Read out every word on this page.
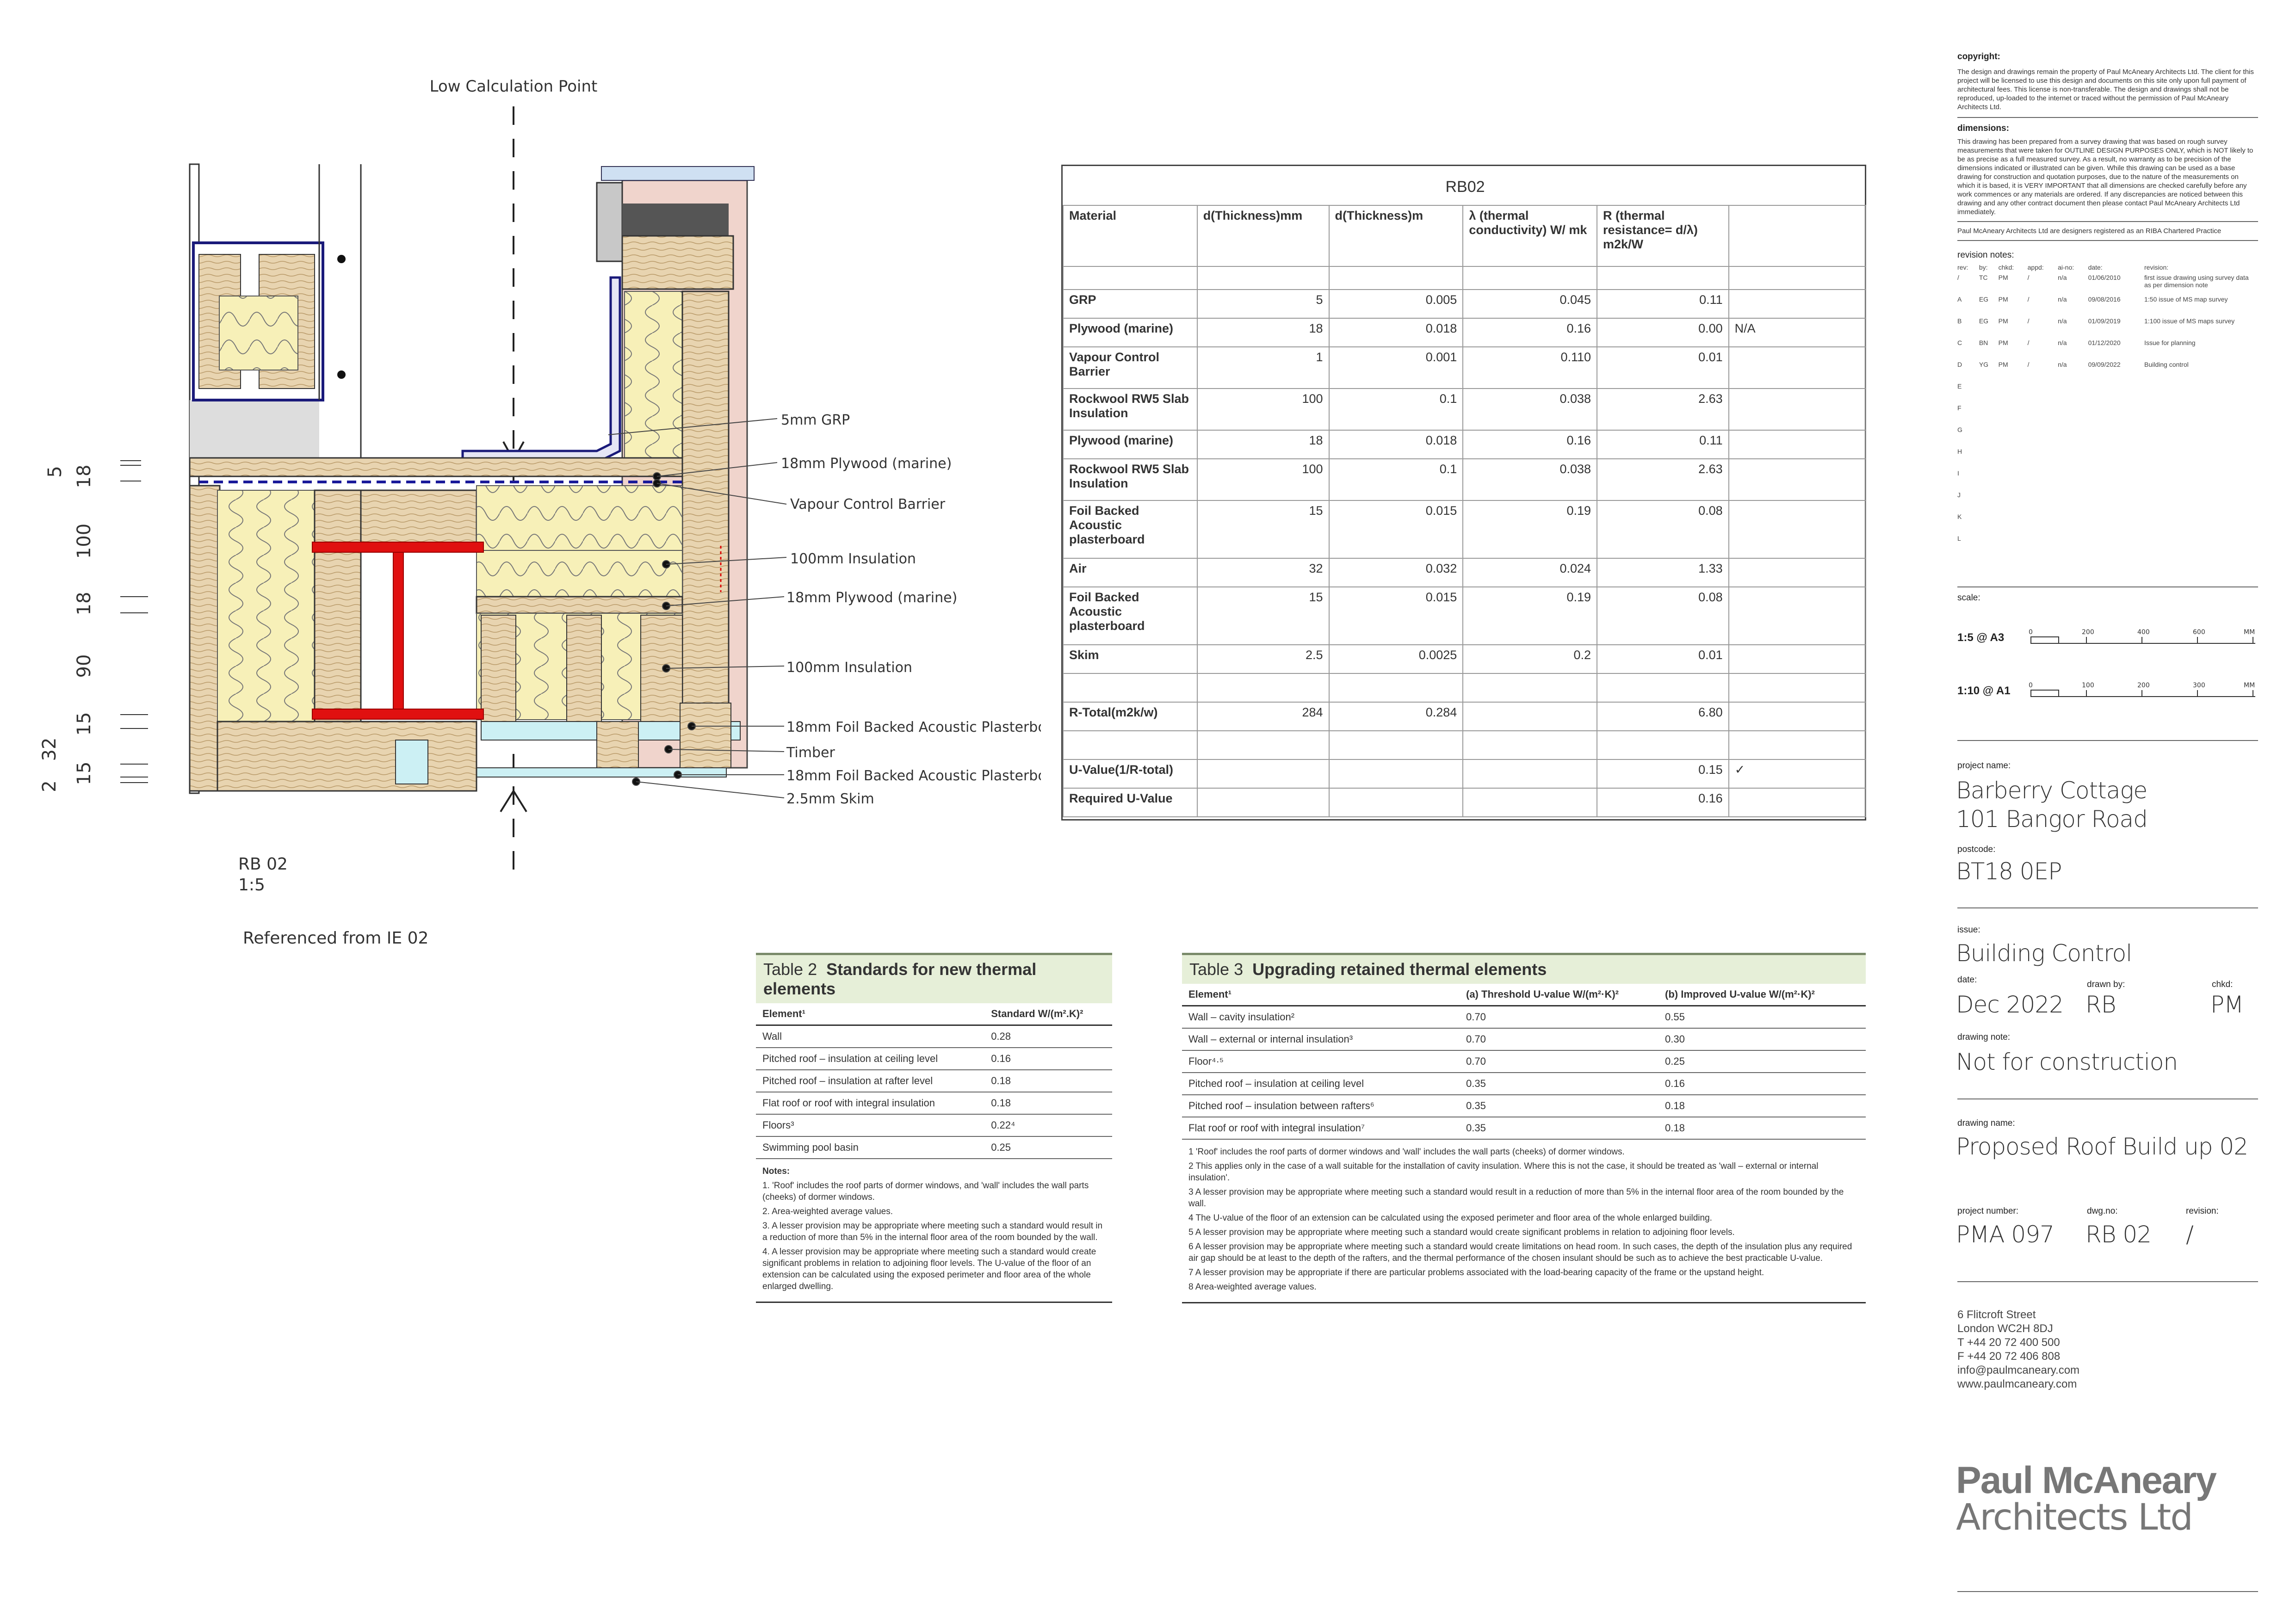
Low Calculation Point
5mm GRP
18mm Plywood (marine)
Vapour Control Barrier
100mm Insulation
18mm Plywood (marine)
100mm Insulation
18mm Foil Backed Acoustic Plasterboard
Timber
18mm Foil Backed Acoustic Plasterboard
2.5mm Skim
5 18
100
18
90
15
32
15
2
RB 02
1:5
Referenced from IE 02
RB02
Material	d(Thickness)mm	d(Thickness)m	λ (thermal conductivity) W/ mk	R (thermal resistance= d/λ) m2k/W	

GRP	5	0.005	0.045	0.11	
Plywood (marine)	18	0.018	0.16	0.00	N/A
Vapour Control Barrier	1	0.001	0.110	0.01	
Rockwool RW5 Slab Insulation	100	0.1	0.038	2.63	
Plywood (marine)	18	0.018	0.16	0.11	
Rockwool RW5 Slab Insulation	100	0.1	0.038	2.63	
Foil Backed Acoustic plasterboard	15	0.015	0.19	0.08	
Air	32	0.032	0.024	1.33	
Foil Backed Acoustic plasterboard	15	0.015	0.19	0.08	
Skim	2.5	0.0025	0.2	0.01	

R-Total(m2k/w)	284	0.284		6.80	

U-Value(1/R-total)				0.15	✓
Required U-Value				0.16	
Table 2 Standards for new thermal elements
Element¹	Standard W/(m².K)²
Wall	0.28
Pitched roof – insulation at ceiling level	0.16
Pitched roof – insulation at rafter level	0.18
Flat roof or roof with integral insulation	0.18
Floors³	0.22⁴
Swimming pool basin	0.25

Notes:

1. 'Roof' includes the roof parts of dormer windows, and 'wall' includes the wall parts (cheeks) of dormer windows.

2. Area-weighted average values.

3. A lesser provision may be appropriate where meeting such a standard would result in a reduction of more than 5% in the internal floor area of the room bounded by the wall.

4. A lesser provision may be appropriate where meeting such a standard would create significant problems in relation to adjoining floor levels. The U-value of the floor of an extension can be calculated using the exposed perimeter and floor area of the whole enlarged dwelling.

Table 3 Upgrading retained thermal elements
Element¹	(a) Threshold U-value W/(m²·K)²	(b) Improved U-value W/(m²·K)²
Wall – cavity insulation²	0.70	0.55
Wall – external or internal insulation³	0.70	0.30
Floor⁴·⁵	0.70	0.25
Pitched roof – insulation at ceiling level	0.35	0.16
Pitched roof – insulation between rafters⁶	0.35	0.18
Flat roof or roof with integral insulation⁷	0.35	0.18

1 'Roof' includes the roof parts of dormer windows and 'wall' includes the wall parts (cheeks) of dormer windows.

2 This applies only in the case of a wall suitable for the installation of cavity insulation. Where this is not the case, it should be treated as 'wall – external or internal insulation'.

3 A lesser provision may be appropriate where meeting such a standard would result in a reduction of more than 5% in the internal floor area of the room bounded by the wall.

4 The U-value of the floor of an extension can be calculated using the exposed perimeter and floor area of the whole enlarged building.

5 A lesser provision may be appropriate where meeting such a standard would create significant problems in relation to adjoining floor levels.

6 A lesser provision may be appropriate where meeting such a standard would create limitations on head room. In such cases, the depth of the insulation plus any required air gap should be at least to the depth of the rafters, and the thermal performance of the chosen insulant should be such as to achieve the best practicable U-value.

7 A lesser provision may be appropriate if there are particular problems associated with the load-bearing capacity of the frame or the upstand height.

8 Area-weighted average values.

copyright:
The design and drawings remain the property of Paul McAneary Architects Ltd. The client for this project will be licensed to use this design and documents on this site only upon full payment of architectural fees. This license is non-transferable. The design and drawings shall not be reproduced, up-loaded to the internet or traced without the permission of Paul McAneary Architects Ltd.
dimensions:
This drawing has been prepared from a survey drawing that was based on rough survey measurements that were taken for OUTLINE DESIGN PURPOSES ONLY, which is NOT likely to be as precise as a full measured survey. As a result, no warranty as to be precision of the dimensions indicated or illustrated can be given. While this drawing can be used as a base drawing for construction and quotation purposes, due to the nature of the measurements on which it is based, it is VERY IMPORTANT that all dimensions are checked carefully before any work commences or any materials are ordered. If any discrepancies are noticed between this drawing and any other contract document then please contact Paul McAneary Architects Ltd immediately.
Paul McAneary Architects Ltd are designers registered as an RIBA Chartered Practice
revision notes:
rev:	by:	chkd:	appd:	ai-no:	date:	revision:
/	TC	PM	/	n/a	01/06/2010	first issue drawing using survey data as per dimension note
A	EG	PM	/	n/a	09/08/2016	1:50 issue of MS map survey
B	EG	PM	/	n/a	01/09/2019	1:100 issue of MS maps survey
C	BN	PM	/	n/a	01/12/2020	Issue for planning
D	YG	PM	/	n/a	09/09/2022	Building control
E						
F						
G						
H						
I						
J						
K						
L						
scale:
1:5 @ A3	0	200	400	600	MM
1:10 @ A1	0	100	200	300	MM
project name:
Barberry Cottage
101 Bangor Road
postcode:
BT18 0EP
issue:
Building Control
date:
Dec 2022
drawn by:
RB
chkd:
PM
drawing note:
Not for construction
drawing name:
Proposed Roof Build up 02
project number:
PMA 097
dwg.no:
RB 02
revision:
/
6 Flitcroft Street
London WC2H 8DJ
T +44 20 72 400 500
F +44 20 72 406 808
info@paulmcaneary.com
www.paulmcaneary.com
Paul McAneary
Architects Ltd
